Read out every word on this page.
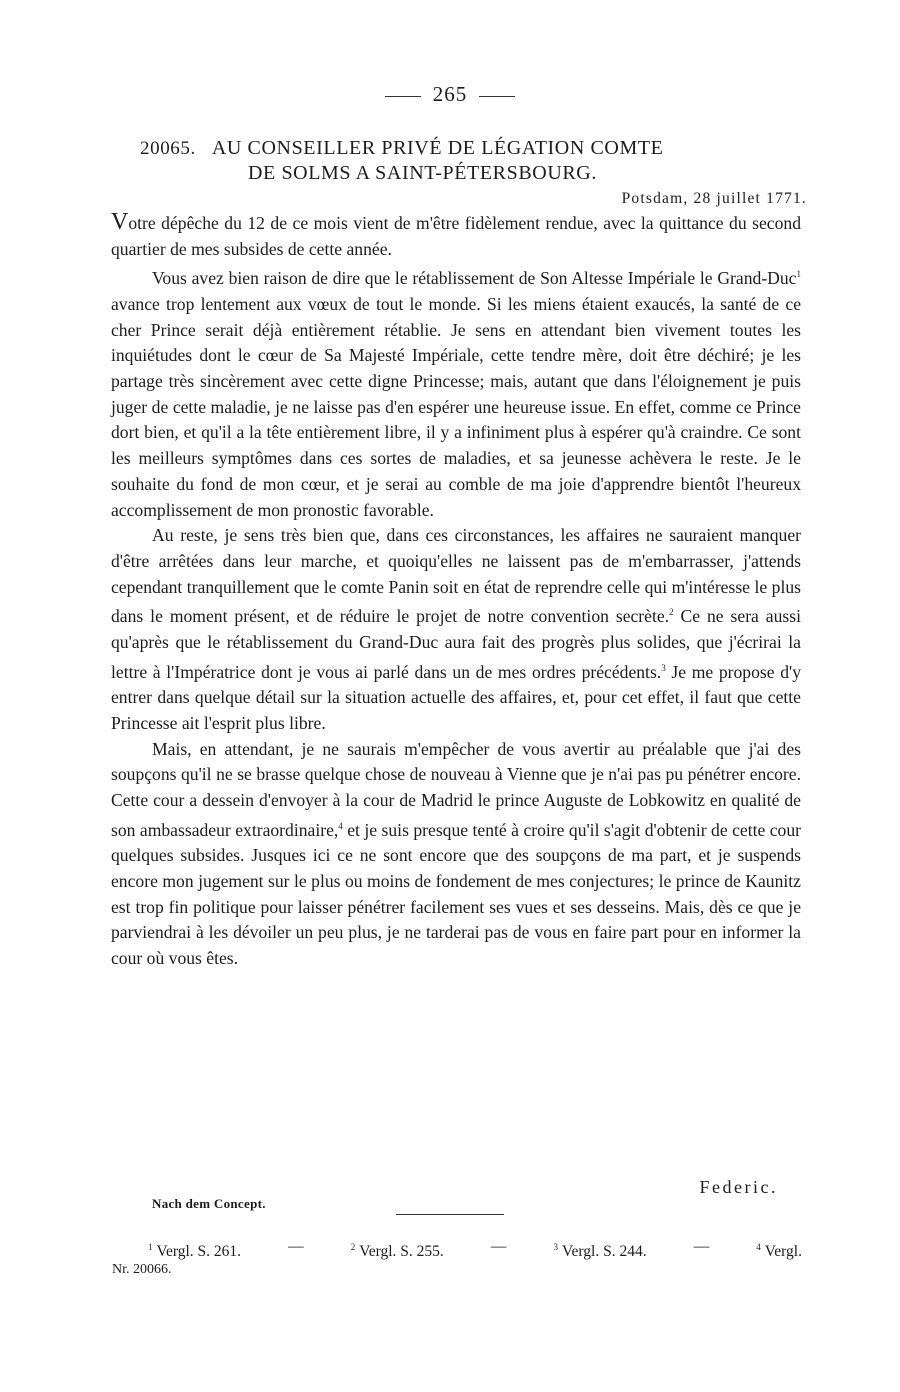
265
20065. AU CONSEILLER PRIVÉ DE LÉGATION COMTE
DE SOLMS A SAINT-PÉTERSBOURG.
Potsdam, 28 juillet 1771.

Votre dépêche du 12 de ce mois vient de m'être fidèlement rendue, avec la quittance du second quartier de mes subsides de cette année.

Vous avez bien raison de dire que le rétablissement de Son Altesse Impériale le Grand-Duc$^1$ avance trop lentement aux vœux de tout le monde. Si les miens étaient exaucés, la santé de ce cher Prince serait déjà entièrement rétablie. Je sens en attendant bien vivement toutes les inquiétudes dont le cœur de Sa Majesté Impériale, cette tendre mère, doit être déchiré; je les partage très sincèrement avec cette digne Princesse; mais, autant que dans l'éloignement je puis juger de cette maladie, je ne laisse pas d'en espérer une heureuse issue. En effet, comme ce Prince dort bien, et qu'il a la tête entièrement libre, il y a infiniment plus à espérer qu'à craindre. Ce sont les meilleurs symptômes dans ces sortes de maladies, et sa jeunesse achèvera le reste. Je le souhaite du fond de mon cœur, et je serai au comble de ma joie d'apprendre bientôt l'heureux accomplissement de mon pronostic favorable.

Au reste, je sens très bien que, dans ces circonstances, les affaires ne sauraient manquer d'être arrêtées dans leur marche, et quoiqu'elles ne laissent pas de m'embarrasser, j'attends cependant tranquillement que le comte Panin soit en état de reprendre celle qui m'intéresse le plus dans le moment présent, et de réduire le projet de notre convention secrète.$^2$ Ce ne sera aussi qu'après que le rétablissement du Grand-Duc aura fait des progrès plus solides, que j'écrirai la lettre à l'Impératrice dont je vous ai parlé dans un de mes ordres précédents.$^3$ Je me propose d'y entrer dans quelque détail sur la situation actuelle des affaires, et, pour cet effet, il faut que cette Princesse ait l'esprit plus libre.

Mais, en attendant, je ne saurais m'empêcher de vous avertir au préalable que j'ai des soupçons qu'il ne se brasse quelque chose de nouveau à Vienne que je n'ai pas pu pénétrer encore. Cette cour a dessein d'envoyer à la cour de Madrid le prince Auguste de Lobkowitz en qualité de son ambassadeur extraordinaire,$^4$ et je suis presque tenté à croire qu'il s'agit d'obtenir de cette cour quelques subsides. Jusques ici ce ne sont encore que des soupçons de ma part, et je suspends encore mon jugement sur le plus ou moins de fondement de mes conjectures; le prince de Kaunitz est trop fin politique pour laisser pénétrer facilement ses vues et ses desseins. Mais, dès ce que je parviendrai à les dévoiler un peu plus, je ne tarderai pas de vous en faire part pour en informer la cour où vous êtes.

Federic.
Nach dem Concept.
$^1$ Vergl. S. 261.	—	$^2$ Vergl. S. 255.	—	$^3$ Vergl. S. 244.	—	$^4$ Vergl.
Nr. 20066.
